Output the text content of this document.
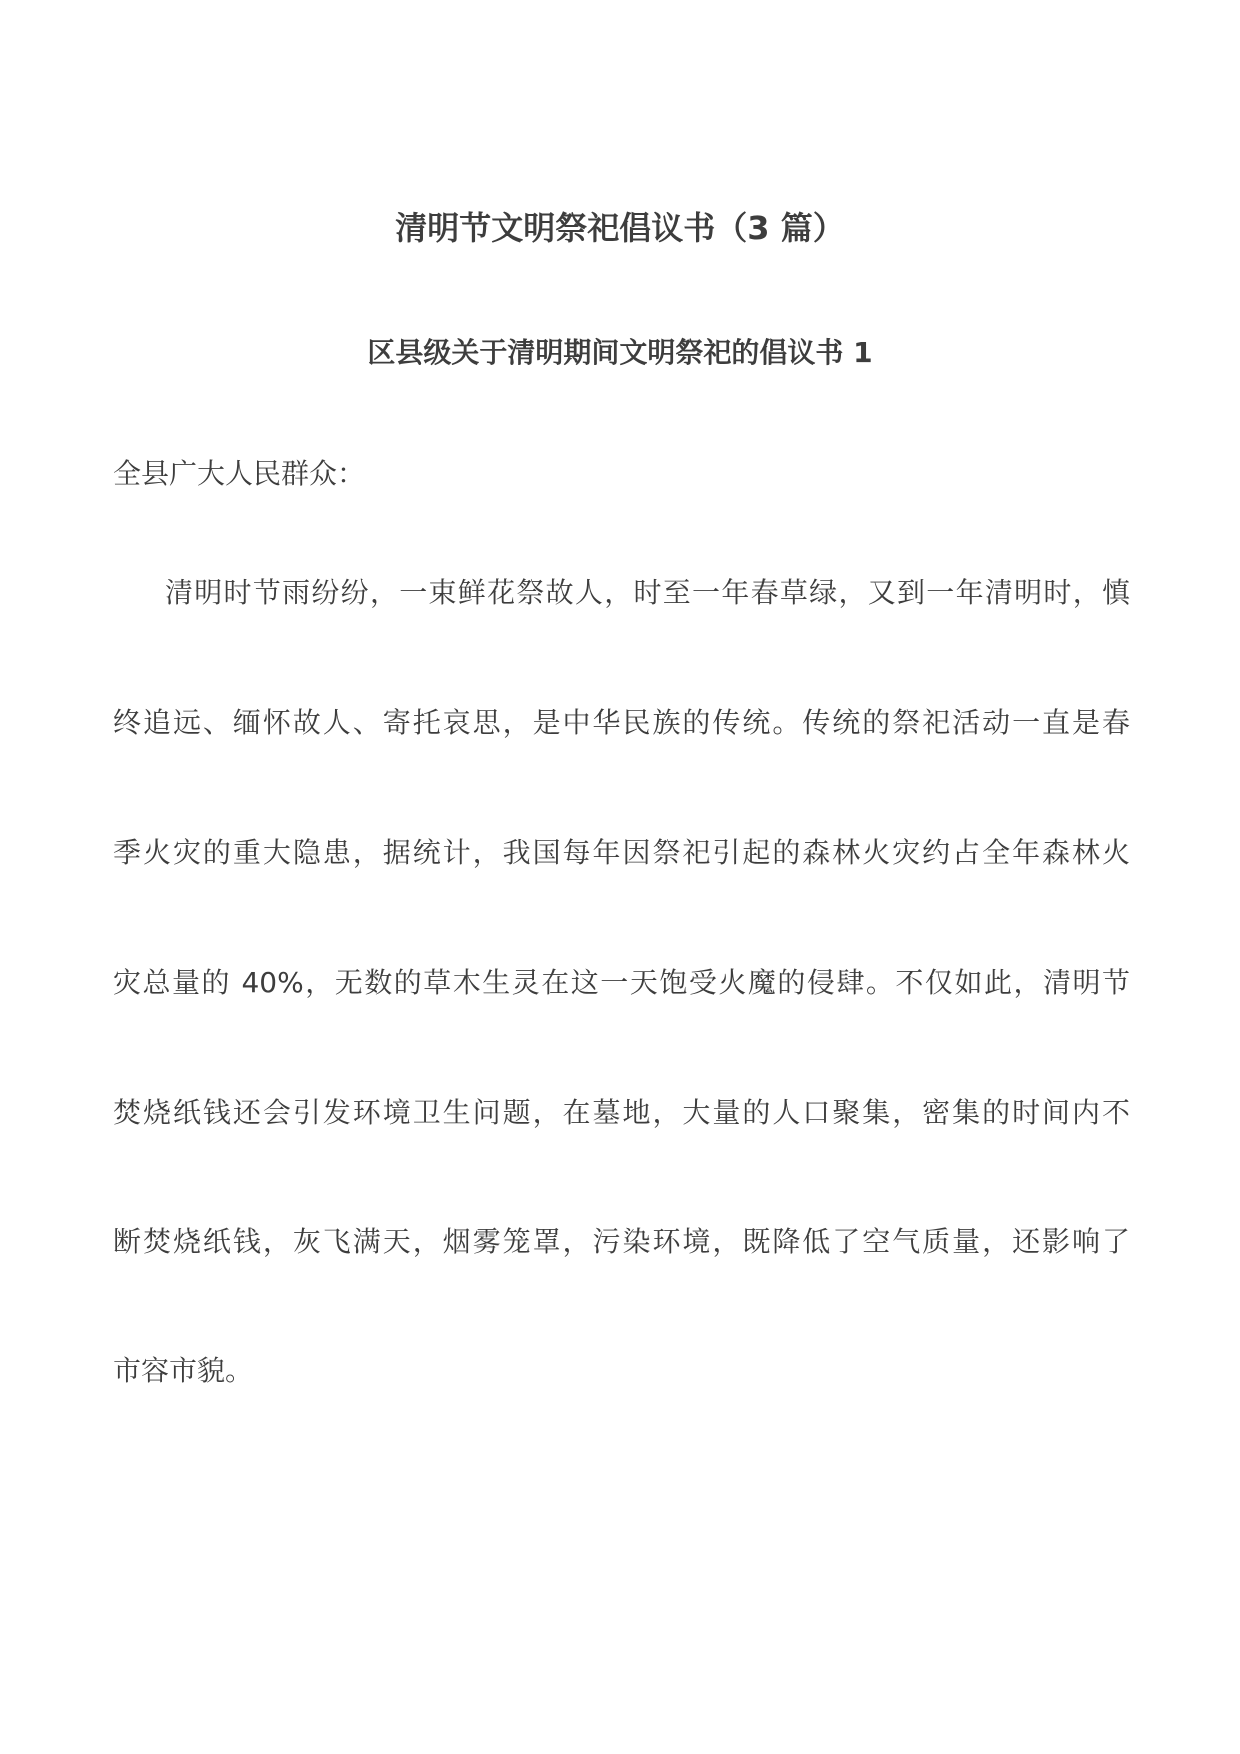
清明节文明祭祀倡议书（3 篇）
区县级关于清明期间文明祭祀的倡议书 1
全县广大人民群众：
清明时节雨纷纷，一束鲜花祭故人，时至一年春草绿，又到一年清明时，慎
终追远、缅怀故人、寄托哀思，是中华民族的传统。传统的祭祀活动一直是春
季火灾的重大隐患，据统计，我国每年因祭祀引起的森林火灾约占全年森林火
灾总量的 40%，无数的草木生灵在这一天饱受火魔的侵肆。不仅如此，清明节
焚烧纸钱还会引发环境卫生问题，在墓地，大量的人口聚集，密集的时间内不
断焚烧纸钱，灰飞满天，烟雾笼罩，污染环境，既降低了空气质量，还影响了
市容市貌。
